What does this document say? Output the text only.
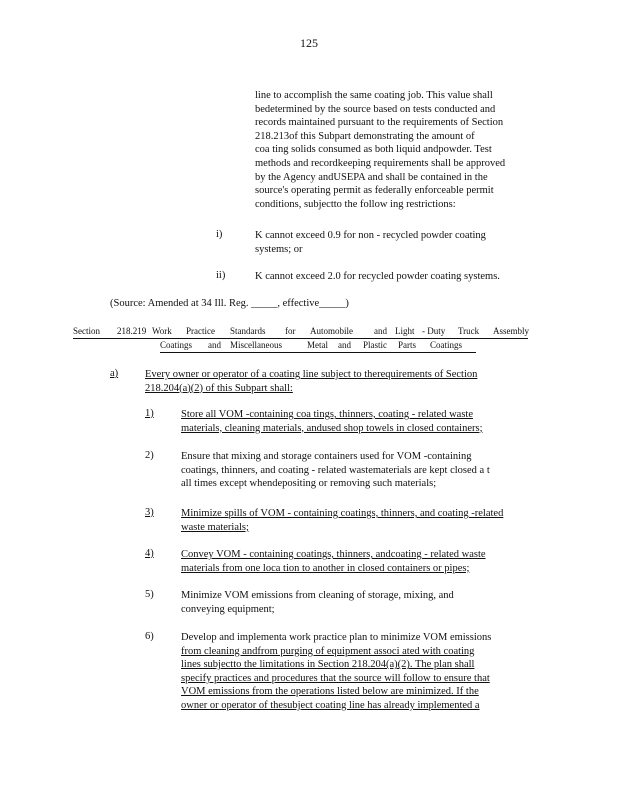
125
line to accomplish the same coating job. This value shall
bedetermined by the source based on tests conducted and
records maintained pursuant to the requirements of Section
218.213of this Subpart demonstrating the amount of
coa ting solids consumed as both liquid andpowder. Test
methods and recordkeeping requirements shall be approved
by the Agency andUSEPA and shall be contained in the
source's operating permit as federally enforceable permit
conditions, subjectto the follow ing restrictions:
i)	K cannot exceed 0.9 for non - recycled powder coating
systems; or
ii)	K cannot exceed 2.0 for recycled powder coating systems.
(Source: Amended at 34 Ill. Reg. _____, effective_____)
Section 218.219 Work Practice Standards for Automobile and Light - Duty Truck Assembly
Coatings and Miscellaneous	Metal and Plastic Parts Coatings
a)	Every owner or operator of a coating line subject to therequirements of Section
218.204(a)(2) of this Subpart shall:
1)	Store all VOM -containing coa tings, thinners, coating - related waste
materials, cleaning materials, andused shop towels in closed containers;
2)	Ensure that mixing and storage containers used for VOM -containing
coatings, thinners, and coating - related wastematerials are kept closed a t
all times except whendepositing or removing such materials;
3)	Minimize spills of VOM - containing coatings, thinners, and coating -related
waste materials;
4)	Convey VOM - containing coatings, thinners, andcoating - related waste
materials from one loca tion to another in closed containers or pipes;
5)	Minimize VOM emissions from cleaning of storage, mixing, and
conveying equipment;
6)	Develop and implementa work practice plan to minimize VOM emissions
from cleaning andfrom purging of equipment associ ated with coating
lines subjectto the limitations in Section 218.204(a)(2). The plan shall
specify practices and procedures that the source will follow to ensure that
VOM emissions from the operations listed below are minimized. If the
owner or operator of thesubject coating line has already implemented a
